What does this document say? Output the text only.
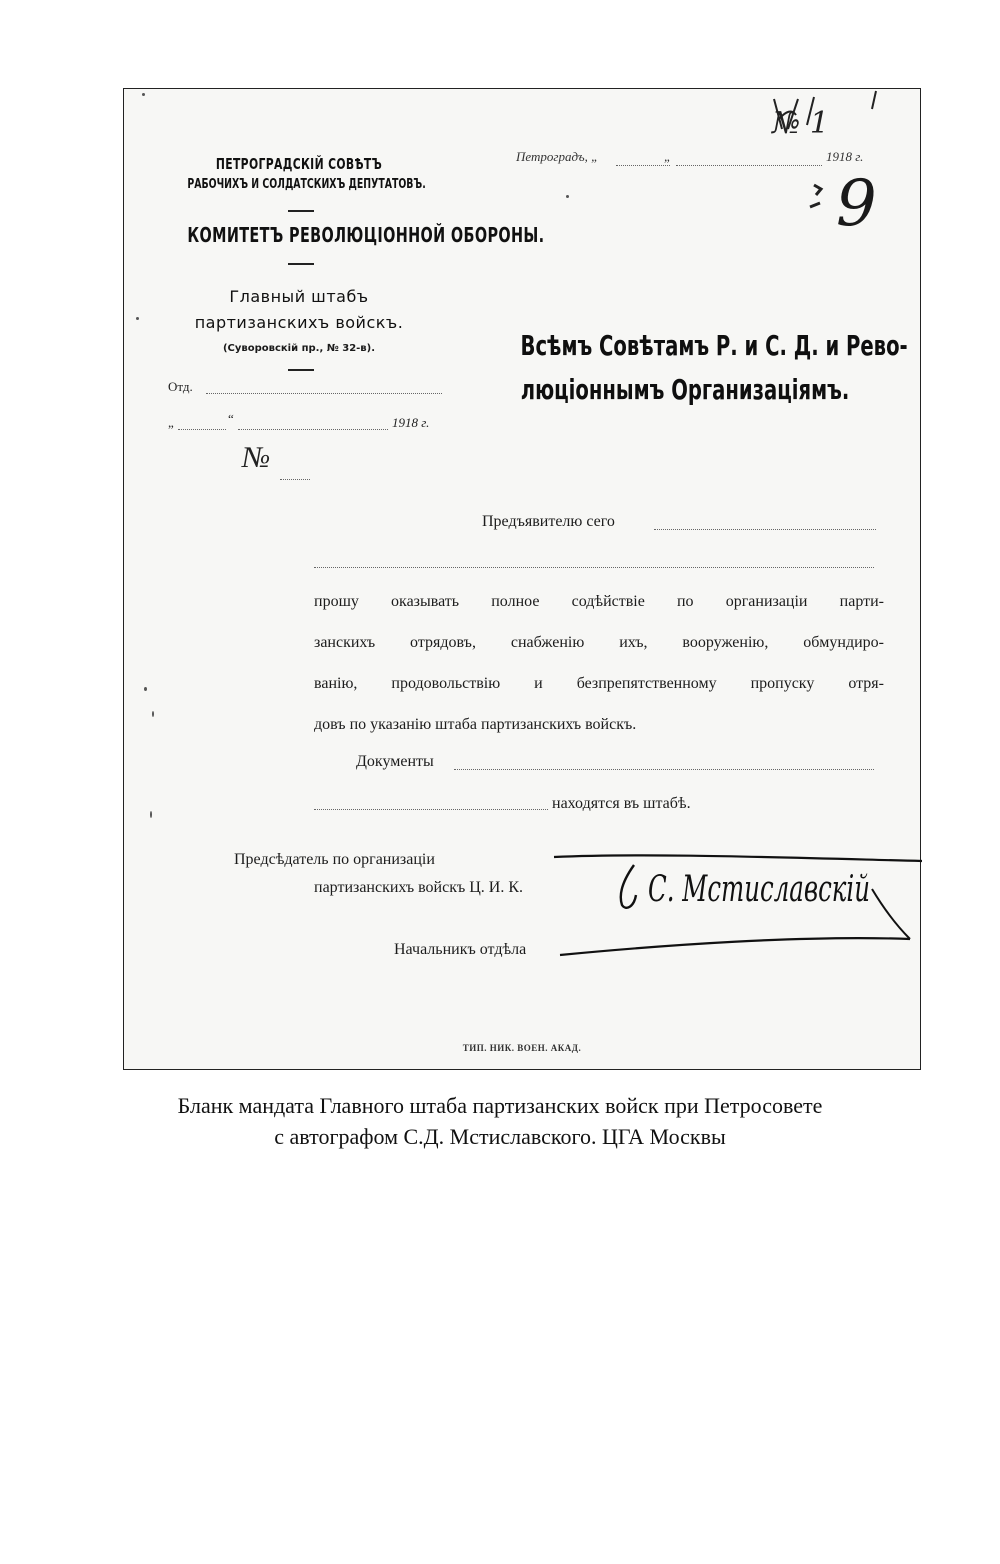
ПЕТРОГРАДСКІЙ СОВѢТЪ
РАБОЧИХЪ И СОЛДАТСКИХЪ ДЕПУТАТОВЪ.
КОМИТЕТЪ РЕВОЛЮЦІОННОЙ ОБОРОНЫ.
Главный штабъ
партизанскихъ войскъ.
(Суворовскій пр., № 32-в).
Отд.
„	“	1918 г.
№
Петроградъ, „	„	1918 г.
Всѣмъ Совѣтамъ Р. и С. Д. и Рево-
люціоннымъ Организаціямъ.
Предъявителю сего
прошу оказывать полное содѣйствіе по организаціи парти-
занскихъ отрядовъ, снабженію ихъ, вооруженію, обмундиро-
ванію, продовольствію и безпрепятственному пропуску отря-
довъ по указанію штаба партизанскихъ войскъ.
Документы
находятся въ штабѣ.
Предсѣдатель по организаціи
партизанскихъ войскъ Ц. И. К.
Начальникъ отдѣла
ТИП. НИК. ВОЕН. АКАД.
№ 1
9
С. Мстиславскій
Бланк мандата Главного штаба партизанских войск при Петросовете
с автографом С.Д. Мстиславского. ЦГА Москвы
